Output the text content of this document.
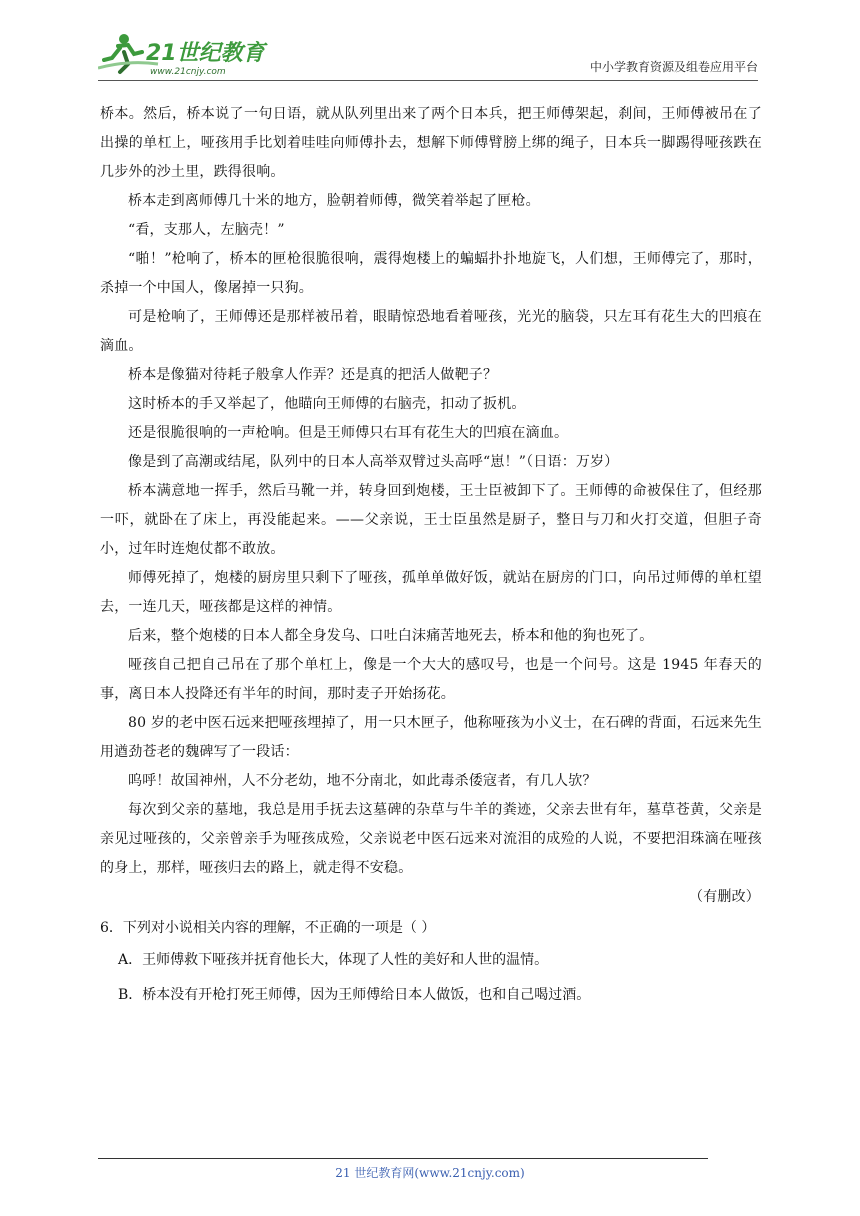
21世纪教育
www.21cnjy.com	中小学教育资源及组卷应用平台

桥本。然后，桥本说了一句日语，就从队列里出来了两个日本兵，把王师傅架起，刹间，王师傅被吊在了出操的单杠上，哑孩用手比划着哇哇向师傅扑去，想解下师傅臂膀上绑的绳子，日本兵一脚踢得哑孩跌在几步外的沙土里，跌得很响。

桥本走到离师傅几十米的地方，脸朝着师傅，微笑着举起了匣枪。

“看，支那人，左脑壳！”

“啪！”枪响了，桥本的匣枪很脆很响，震得炮楼上的蝙蝠扑扑地旋飞，人们想，王师傅完了，那时，杀掉一个中国人，像屠掉一只狗。

可是枪响了，王师傅还是那样被吊着，眼睛惊恐地看着哑孩，光光的脑袋，只左耳有花生大的凹痕在滴血。

桥本是像猫对待耗子般拿人作弄？还是真的把活人做靶子？

这时桥本的手又举起了，他瞄向王师傅的右脑壳，扣动了扳机。

还是很脆很响的一声枪响。但是王师傅只右耳有花生大的凹痕在滴血。

像是到了高潮或结尾，队列中的日本人高举双臂过头高呼“崽！”（日语：万岁）

桥本满意地一挥手，然后马靴一并，转身回到炮楼，王士臣被卸下了。王师傅的命被保住了，但经那一吓，就卧在了床上，再没能起来。——父亲说，王士臣虽然是厨子，整日与刀和火打交道，但胆子奇小，过年时连炮仗都不敢放。

师傅死掉了，炮楼的厨房里只剩下了哑孩，孤单单做好饭，就站在厨房的门口，向吊过师傅的单杠望去，一连几天，哑孩都是这样的神情。

后来，整个炮楼的日本人都全身发乌、口吐白沫痛苦地死去，桥本和他的狗也死了。

哑孩自己把自己吊在了那个单杠上，像是一个大大的感叹号，也是一个问号。这是 1945 年春天的事，离日本人投降还有半年的时间，那时麦子开始扬花。

80 岁的老中医石远来把哑孩埋掉了，用一只木匣子，他称哑孩为小义士，在石碑的背面，石远来先生用遒劲苍老的魏碑写了一段话：

呜呼！故国神州，人不分老幼，地不分南北，如此毒杀倭寇者，有几人欤？

每次到父亲的墓地，我总是用手抚去这墓碑的杂草与牛羊的粪迹，父亲去世有年，墓草苍黄，父亲是亲见过哑孩的，父亲曾亲手为哑孩成殓，父亲说老中医石远来对流泪的成殓的人说，不要把泪珠滴在哑孩的身上，那样，哑孩归去的路上，就走得不安稳。

（有删改）

6．下列对小说相关内容的理解，不正确的一项是（ ）
A．王师傅救下哑孩并抚育他长大，体现了人性的美好和人世的温情。
B．桥本没有开枪打死王师傅，因为王师傅给日本人做饭，也和自己喝过酒。
21 世纪教育网(www.21cnjy.com)
